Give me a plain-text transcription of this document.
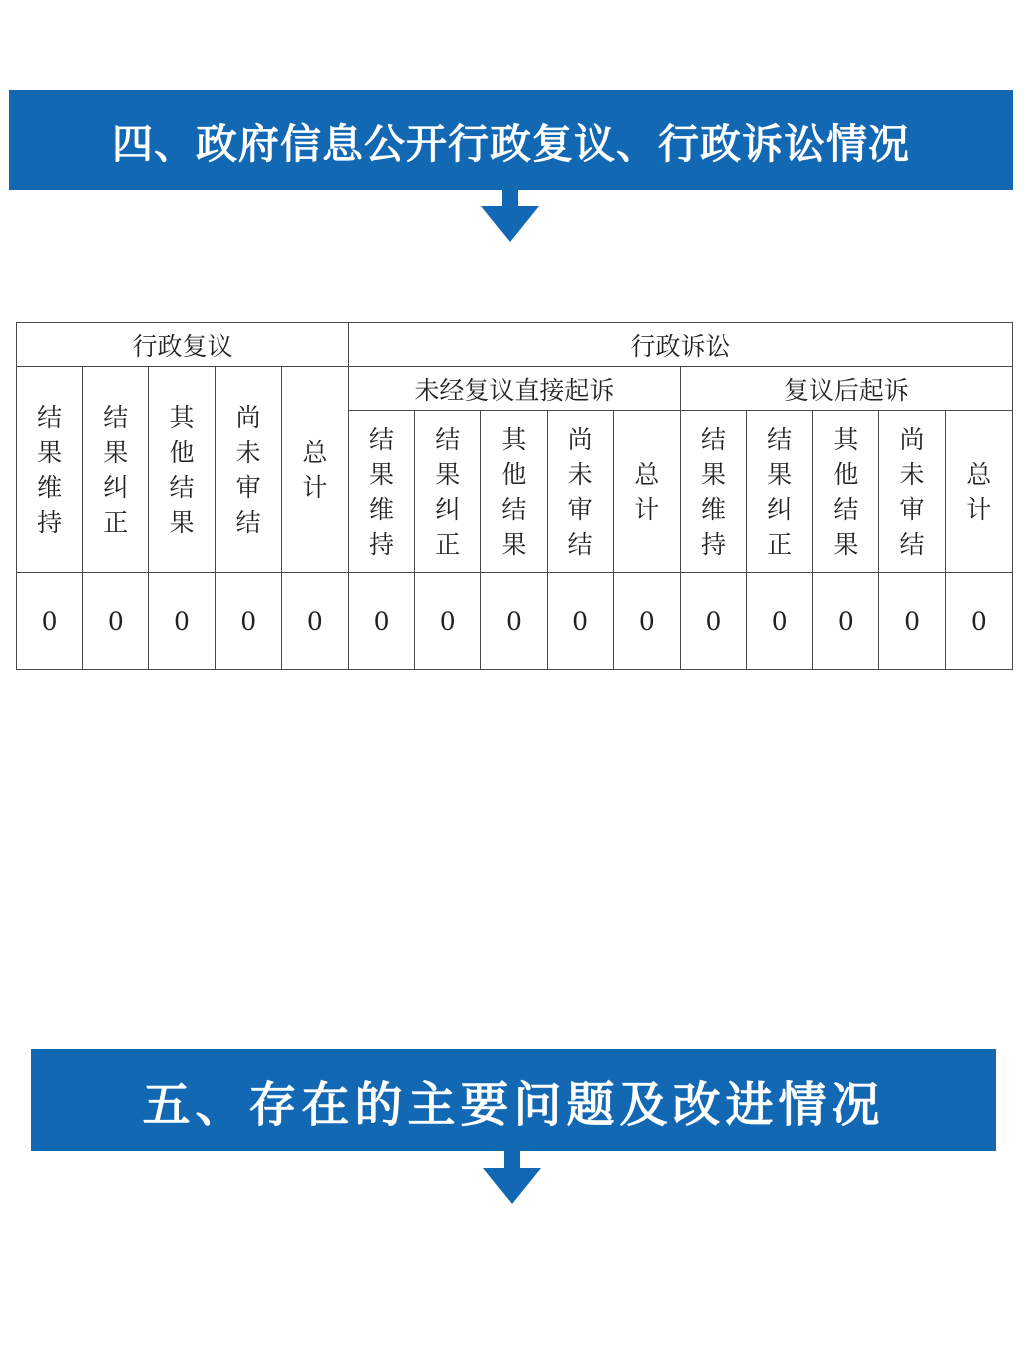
四、政府信息公开行政复议、行政诉讼情况
行政复议					行政诉讼									
结果维持	结果纠正	其他结果	尚未审结	总计	未经复议直接起诉					复议后起诉				
					结果维持	结果纠正	其他结果	尚未审结	总计	结果维持	结果纠正	其他结果	尚未审结	总计
0	0	0	0	0	0	0	0	0	0	0	0	0	0	0
五、存在的主要问题及改进情况
